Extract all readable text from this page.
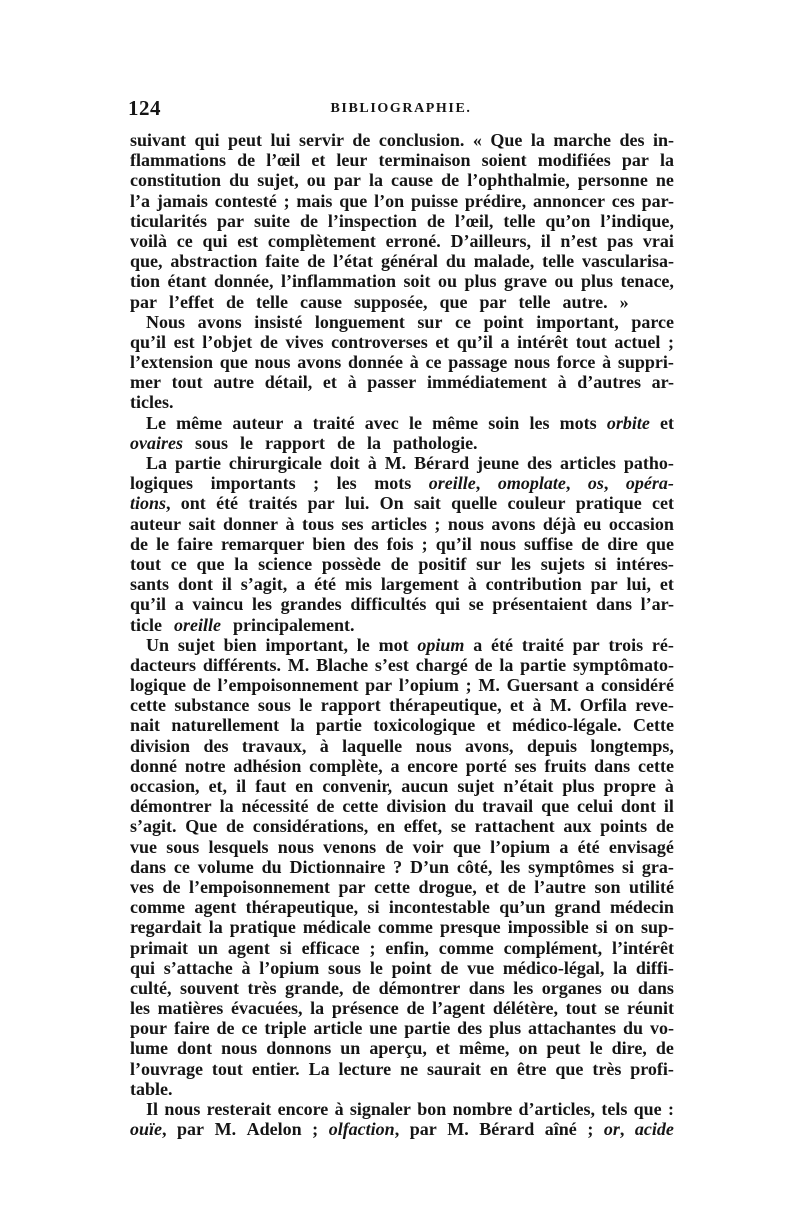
124	BIBLIOGRAPHIE.
suivant qui peut lui servir de conclusion. « Que la marche des in-
flammations de l’œil et leur terminaison soient modifiées par la
constitution du sujet, ou par la cause de l’ophthalmie, personne ne
l’a jamais contesté ; mais que l’on puisse prédire, annoncer ces par-
ticularités par suite de l’inspection de l’œil, telle qu’on l’indique,
voilà ce qui est complètement erroné. D’ailleurs, il n’est pas vrai
que, abstraction faite de l’état général du malade, telle vascularisa-
tion étant donnée, l’inflammation soit ou plus grave ou plus tenace,
par l’effet de telle cause supposée, que par telle autre. »
Nous avons insisté longuement sur ce point important, parce
qu’il est l’objet de vives controverses et qu’il a intérêt tout actuel ;
l’extension que nous avons donnée à ce passage nous force à suppri-
mer tout autre détail, et à passer immédiatement à d’autres ar-
ticles.
Le même auteur a traité avec le même soin les mots orbite et
ovaires sous le rapport de la pathologie.
La partie chirurgicale doit à M. Bérard jeune des articles patho-
logiques importants ; les mots oreille, omoplate, os, opéra-
tions, ont été traités par lui. On sait quelle couleur pratique cet
auteur sait donner à tous ses articles ; nous avons déjà eu occasion
de le faire remarquer bien des fois ; qu’il nous suffise de dire que
tout ce que la science possède de positif sur les sujets si intéres-
sants dont il s’agit, a été mis largement à contribution par lui, et
qu’il a vaincu les grandes difficultés qui se présentaient dans l’ar-
ticle oreille principalement.
Un sujet bien important, le mot opium a été traité par trois ré-
dacteurs différents. M. Blache s’est chargé de la partie symptômato-
logique de l’empoisonnement par l’opium ; M. Guersant a considéré
cette substance sous le rapport thérapeutique, et à M. Orfila reve-
nait naturellement la partie toxicologique et médico-légale. Cette
division des travaux, à laquelle nous avons, depuis longtemps,
donné notre adhésion complète, a encore porté ses fruits dans cette
occasion, et, il faut en convenir, aucun sujet n’était plus propre à
démontrer la nécessité de cette division du travail que celui dont il
s’agit. Que de considérations, en effet, se rattachent aux points de
vue sous lesquels nous venons de voir que l’opium a été envisagé
dans ce volume du Dictionnaire ? D’un côté, les symptômes si gra-
ves de l’empoisonnement par cette drogue, et de l’autre son utilité
comme agent thérapeutique, si incontestable qu’un grand médecin
regardait la pratique médicale comme presque impossible si on sup-
primait un agent si efficace ; enfin, comme complément, l’intérêt
qui s’attache à l’opium sous le point de vue médico-légal, la diffi-
culté, souvent très grande, de démontrer dans les organes ou dans
les matières évacuées, la présence de l’agent délétère, tout se réunit
pour faire de ce triple article une partie des plus attachantes du vo-
lume dont nous donnons un aperçu, et même, on peut le dire, de
l’ouvrage tout entier. La lecture ne saurait en être que très profi-
table.
Il nous resterait encore à signaler bon nombre d’articles, tels que :
ouïe, par M. Adelon ; olfaction, par M. Bérard aîné ; or, acide
